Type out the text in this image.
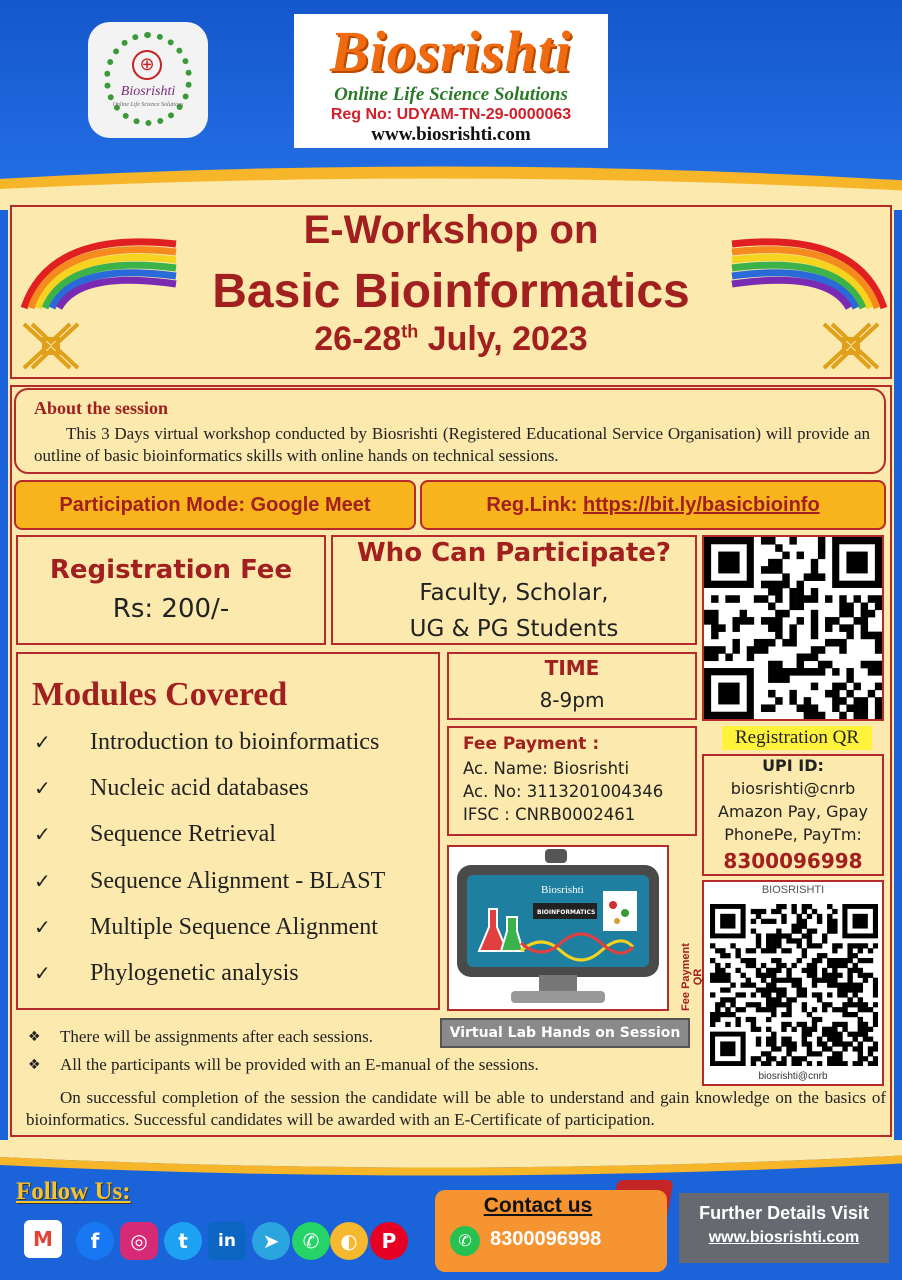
⊕
Biosrishti
Online Life Science Solutions
Biosrishti
Online Life Science Solutions
Reg No: UDYAM-TN-29-0000063
www.biosrishti.com
E-Workshop on
Basic Bioinformatics
26-28th July, 2023
About the session
This 3 Days virtual workshop conducted by Biosrishti (Registered Educational Service Organisation) will provide an outline of basic bioinformatics skills with online hands on technical sessions.
Participation Mode: Google Meet	Reg.Link: https://bit.ly/basicbioinfo
Registration Fee
Rs: 200/-
Who Can Participate?
Faculty, Scholar,
UG & PG Students
Registration QR
Modules Covered
✓ Introduction to bioinformatics
✓ Nucleic acid databases
✓ Sequence Retrieval
✓ Sequence Alignment - BLAST
✓ Multiple Sequence Alignment
✓ Phylogenetic analysis
TIME
8-9pm
Fee Payment :
Ac. Name: Biosrishti
Ac. No: 3113201004346
IFSC : CNRB0002461
UPI ID:
biosrishti@cnrb
Amazon Pay, Gpay
PhonePe, PayTm:
8300096998
Biosrishti
BIOINFORMATICS
Virtual Lab Hands on Session
BIOSRISHTI
biosrishti@cnrb
Fee Payment QR
❖ There will be assignments after each sessions.
❖ All the participants will be provided with an E-manual of the sessions.
On successful completion of the session the candidate will be able to understand and gain knowledge on the basics of bioinformatics. Successful candidates will be awarded with an E-Certificate of participation.
Follow Us:
M	f	◎	t	in	➤	✆	◐	P
Contact us
✆ 8300096998
Further Details Visit
www.biosrishti.com
